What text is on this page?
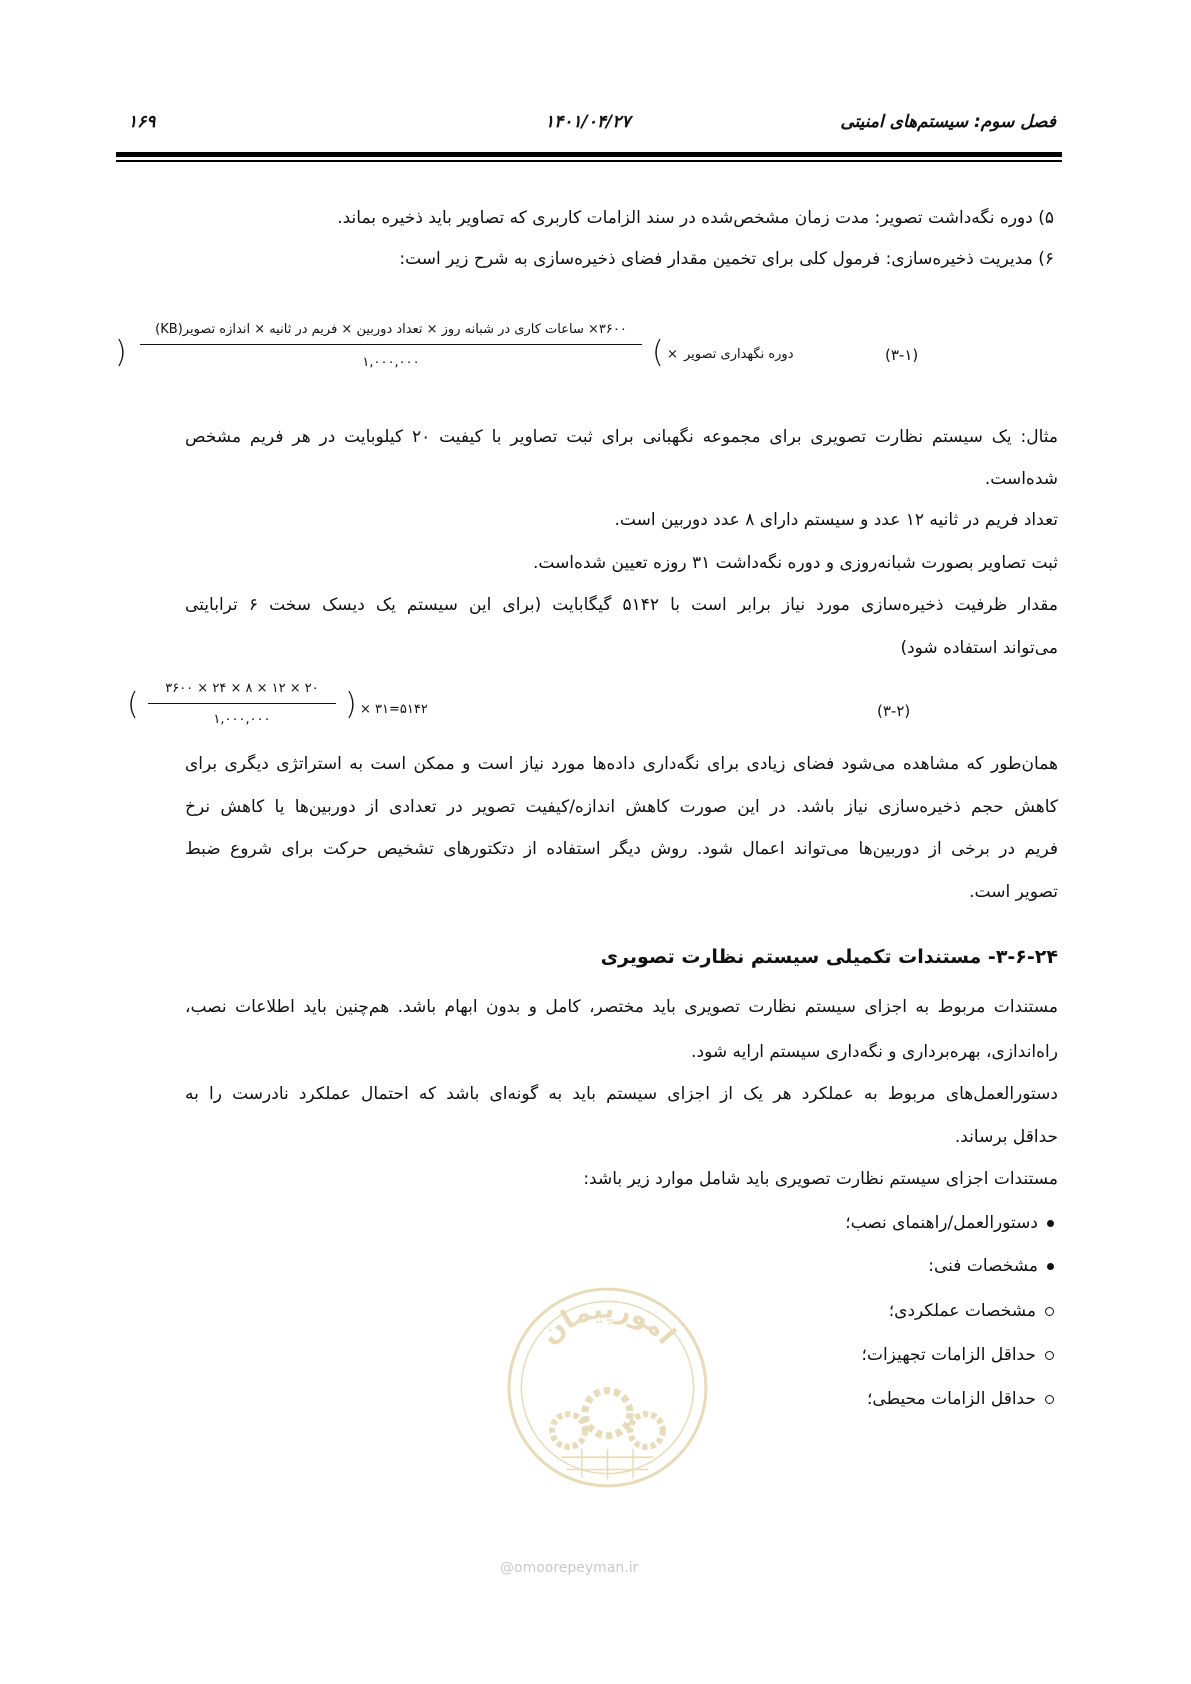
فصل سوم: سیستم‌های امنیتی
۱۴۰۱/۰۴/۲۷
۱۶۹

۵) دوره نگه‌داشت تصویر: مدت زمان مشخص‌شده در سند الزامات کاربری که تصاویر باید ذخیره بماند.

۶) مدیریت ذخیره‌سازی: فرمول کلی برای تخمین مقدار فضای ذخیره‌سازی به شرح زیر است:

)
۳۶۰۰× ساعات کاری در شبانه روز × تعداد دوربین × فریم در ثانیه × اندازه تصویر(KB)
۱,۰۰۰,۰۰۰	( × دوره نگهداری تصویر	(۳-۱)

مثال: یک سیستم نظارت تصویری برای مجموعه نگهبانی برای ثبت تصاویر با کیفیت ۲۰ کیلوبایت در هر فریم مشخص

شده‌است.

تعداد فریم در ثانیه ۱۲ عدد و سیستم دارای ۸ عدد دوربین است.

ثبت تصاویر بصورت شبانه‌روزی و دوره نگه‌داشت ۳۱ روزه تعیین شده‌است.

مقدار ظرفیت ذخیره‌سازی مورد نیاز برابر است با ۵۱۴۲ گیگابایت (برای این سیستم یک دیسک سخت ۶ ترابایتی

می‌تواند استفاده شود)

(	۲۰ × ۱۲ × ۸ × ۲۴ × ۳۶۰۰
۱,۰۰۰,۰۰۰	) × ۳۱=۵۱۴۲	(۳-۲)

همان‌طور که مشاهده می‌شود فضای زیادی برای نگه‌داری داده‌ها مورد نیاز است و ممکن است به استراتژی دیگری برای

کاهش حجم ذخیره‌سازی نیاز باشد. در این صورت کاهش اندازه/کیفیت تصویر در تعدادی از دوربین‌ها یا کاهش نرخ

فریم در برخی از دوربین‌ها می‌تواند اعمال شود. روش دیگر استفاده از دتکتورهای تشخیص حرکت برای شروع ضبط

تصویر است.

۳-۶-۲۴- مستندات تکمیلی سیستم نظارت تصویری

مستندات مربوط به اجزای سیستم نظارت تصویری باید مختصر، کامل و بدون ابهام باشد. هم‌چنین باید اطلاعات نصب،

راه‌اندازی، بهره‌برداری و نگه‌داری سیستم ارایه شود.

دستورالعمل‌های مربوط به عملکرد هر یک از اجزای سیستم باید به گونه‌ای باشد که احتمال عملکرد نادرست را به

حداقل برساند.

مستندات اجزای سیستم نظارت تصویری باید شامل موارد زیر باشد:

دستورالعمل/راهنمای نصب؛
مشخصات فنی:
مشخصات عملکردی؛
حداقل الزامات تجهیزات؛
حداقل الزامات محیطی؛
امورپیمان
@omoorepeyman.ir
